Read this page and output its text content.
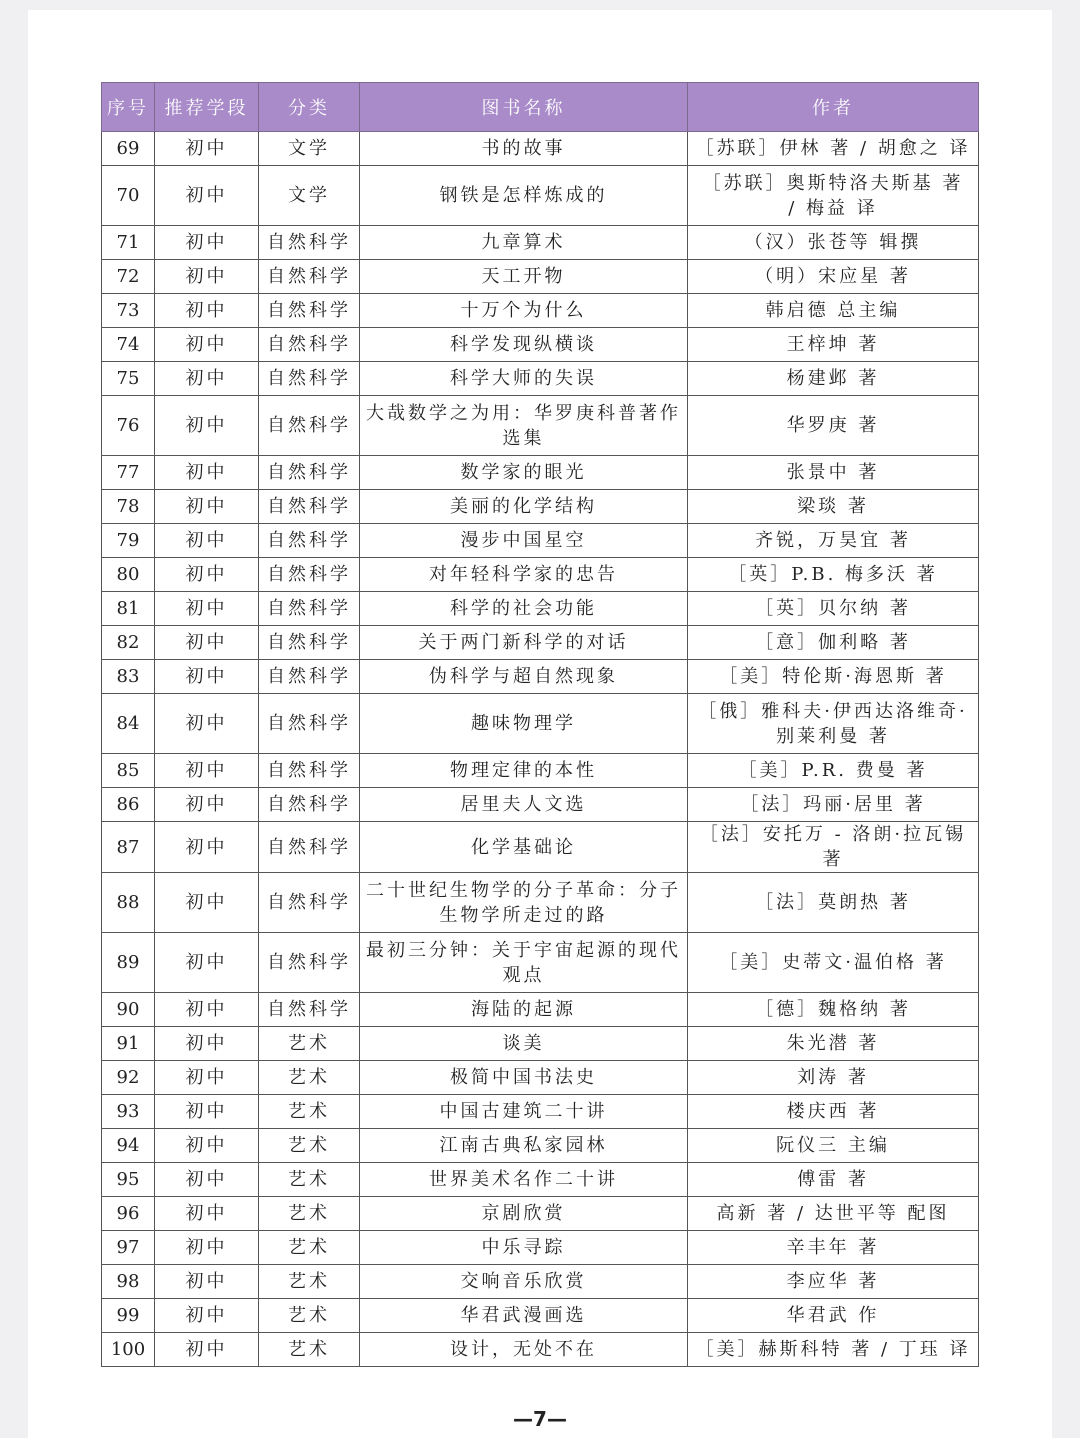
序号	推荐学段	分类	图书名称	作者
69	初中	文学	书的故事	［苏联］伊林 著 / 胡愈之 译
70	初中	文学	钢铁是怎样炼成的	［苏联］奥斯特洛夫斯基 著 / 梅益 译
71	初中	自然科学	九章算术	（汉）张苍等 辑撰
72	初中	自然科学	天工开物	（明）宋应星 著
73	初中	自然科学	十万个为什么	韩启德 总主编
74	初中	自然科学	科学发现纵横谈	王梓坤 著
75	初中	自然科学	科学大师的失误	杨建邺 著
76	初中	自然科学	大哉数学之为用：华罗庚科普著作选集	华罗庚 著
77	初中	自然科学	数学家的眼光	张景中 著
78	初中	自然科学	美丽的化学结构	梁琰 著
79	初中	自然科学	漫步中国星空	齐锐，万昊宜 著
80	初中	自然科学	对年轻科学家的忠告	［英］P.B. 梅多沃 著
81	初中	自然科学	科学的社会功能	［英］贝尔纳 著
82	初中	自然科学	关于两门新科学的对话	［意］伽利略 著
83	初中	自然科学	伪科学与超自然现象	［美］特伦斯·海恩斯 著
84	初中	自然科学	趣味物理学	［俄］雅科夫·伊西达洛维奇·别莱利曼 著
85	初中	自然科学	物理定律的本性	［美］P.R. 费曼 著
86	初中	自然科学	居里夫人文选	［法］玛丽·居里 著
87	初中	自然科学	化学基础论	［法］安托万 - 洛朗·拉瓦锡 著
88	初中	自然科学	二十世纪生物学的分子革命：分子生物学所走过的路	［法］莫朗热 著
89	初中	自然科学	最初三分钟：关于宇宙起源的现代观点	［美］史蒂文·温伯格 著
90	初中	自然科学	海陆的起源	［德］魏格纳 著
91	初中	艺术	谈美	朱光潜 著
92	初中	艺术	极简中国书法史	刘涛 著
93	初中	艺术	中国古建筑二十讲	楼庆西 著
94	初中	艺术	江南古典私家园林	阮仪三 主编
95	初中	艺术	世界美术名作二十讲	傅雷 著
96	初中	艺术	京剧欣赏	高新 著 / 达世平等 配图
97	初中	艺术	中乐寻踪	辛丰年 著
98	初中	艺术	交响音乐欣赏	李应华 著
99	初中	艺术	华君武漫画选	华君武 作
100	初中	艺术	设计，无处不在	［美］赫斯科特 著 / 丁珏 译
—7—
